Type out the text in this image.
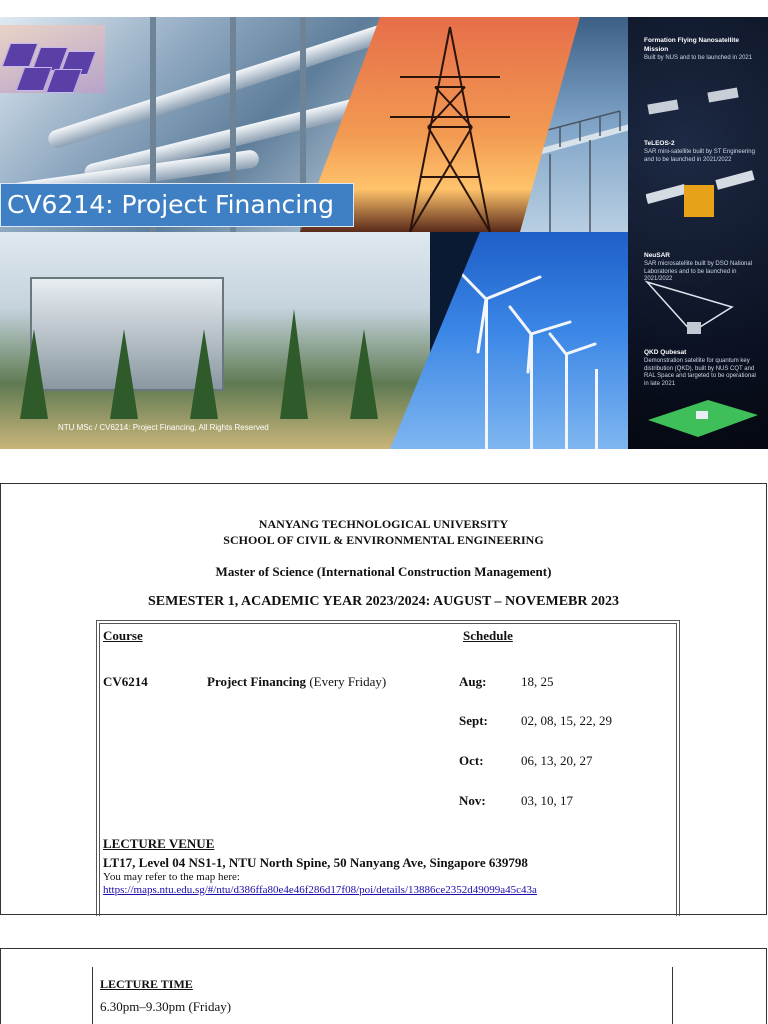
Formation Flying Nanosatellite Mission
Built by NUS and to be launched in 2021
TeLEOS-2
SAR mini-satellite built by ST Engineering and to be launched in 2021/2022
NeuSAR
SAR microsatellite built by DSO National Laboratories and to be launched in 2021/2022
QKD Qubesat
Demonstration satellite for quantum key distribution (QKD), built by NUS CQT and RAL Space and targeted to be operational in late 2021
CV6214: Project Financing
NTU MSc / CV6214: Project Financing, All Rights Reserved
NANYANG TECHNOLOGICAL UNIVERSITY
SCHOOL OF CIVIL & ENVIRONMENTAL ENGINEERING
Master of Science (International Construction Management)
SEMESTER 1, ACADEMIC YEAR 2023/2024: AUGUST – NOVEMEBR 2023
Course	Schedule
CV6214	Project Financing (Every Friday)	Aug:	18, 25
Sept:	02, 08, 15, 22, 29
Oct:	06, 13, 20, 27
Nov:	03, 10, 17
LECTURE VENUE
LT17, Level 04 NS1-1, NTU North Spine, 50 Nanyang Ave, Singapore 639798
You may refer to the map here:
https://maps.ntu.edu.sg/#/ntu/d386ffa80e4e46f286d17f08/poi/details/13886ce2352d49099a45c43a
LECTURE TIME
6.30pm–9.30pm (Friday)
